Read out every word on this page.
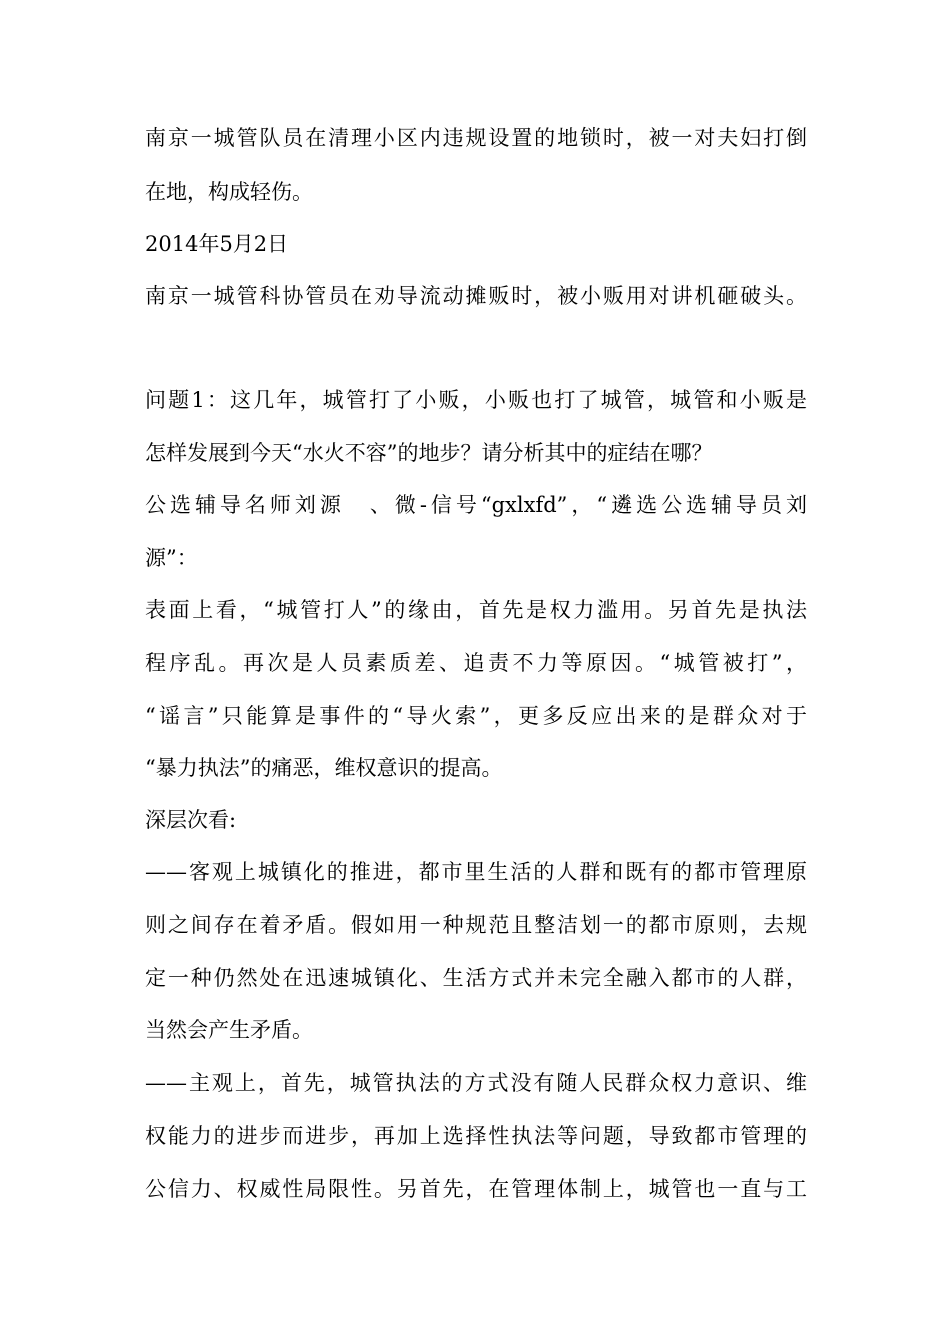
南京一城管队员在清理小区内违规设置的地锁时，被一对夫妇打倒
在地，构成轻伤。
2014年5月2日
南京一城管科协管员在劝导流动摊贩时，被小贩用对讲机砸破头。
问题1：这几年，城管打了小贩，小贩也打了城管，城管和小贩是
怎样发展到今天“水火不容”的地步？请分析其中的症结在哪？
公选辅导名师刘源　、微-信号“gxlxfd”，“遴选公选辅导员刘
源”：
表面上看，“城管打人”的缘由，首先是权力滥用。另首先是执法
程序乱。再次是人员素质差、追责不力等原因。“城管被打”，
“谣言”只能算是事件的“导火索”，更多反应出来的是群众对于
“暴力执法”的痛恶，维权意识的提高。
深层次看:
——客观上城镇化的推进，都市里生活的人群和既有的都市管理原
则之间存在着矛盾。假如用一种规范且整洁划一的都市原则，去规
定一种仍然处在迅速城镇化、生活方式并未完全融入都市的人群，
当然会产生矛盾。
——主观上，首先，城管执法的方式没有随人民群众权力意识、维
权能力的进步而进步，再加上选择性执法等问题，导致都市管理的
公信力、权威性局限性。另首先，在管理体制上，城管也一直与工
